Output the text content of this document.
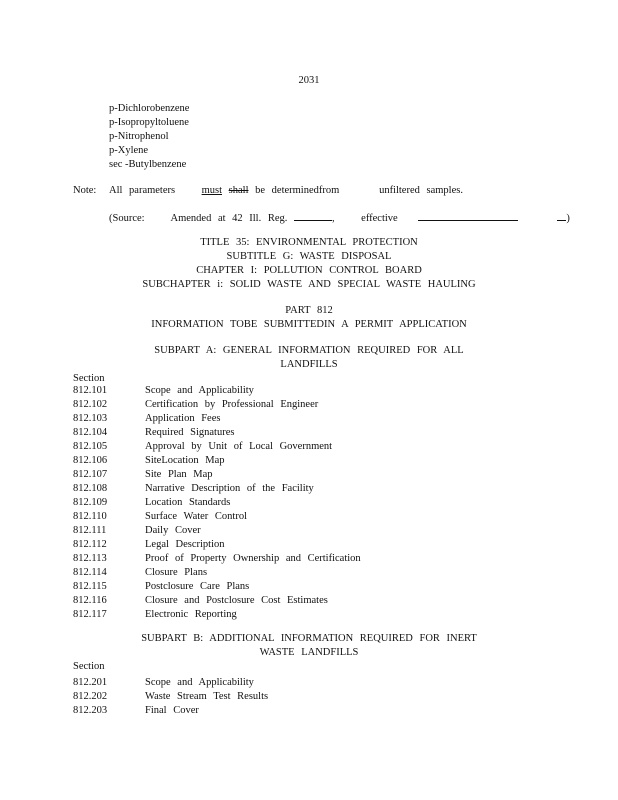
2031
p-Dichlorobenzene
p-Isopropyltoluene
p-Nitrophenol
p-Xylene
sec -Butylbenzene
Note: All parameters	must shall be determinedfrom	unfiltered samples.
(Source: Amended at 42 Ill. Reg.	,    effective	)
TITLE 35: ENVIRONMENTAL PROTECTION
SUBTITLE G: WASTE DISPOSAL
CHAPTER I: POLLUTION CONTROL BOARD
SUBCHAPTER i: SOLID WASTE AND SPECIAL WASTE HAULING
PART 812
INFORMATION TOBE SUBMITTEDIN A PERMIT APPLICATION
SUBPART A: GENERAL INFORMATION REQUIRED FOR ALL
LANDFILLS
Section
812.101	Scope and Applicability
812.102	Certification by Professional Engineer
812.103	Application Fees
812.104	Required Signatures
812.105	Approval by Unit of Local Government
812.106	SiteLocation Map
812.107	Site Plan Map
812.108	Narrative Description of the Facility
812.109	Location Standards
812.110	Surface Water Control
812.111	Daily Cover
812.112	Legal Description
812.113	Proof of Property Ownership and Certification
812.114	Closure Plans
812.115	Postclosure Care Plans
812.116	Closure and Postclosure Cost Estimates
812.117	Electronic Reporting
SUBPART B: ADDITIONAL INFORMATION REQUIRED FOR INERT
WASTE LANDFILLS
Section
812.201	Scope and Applicability
812.202	Waste Stream Test Results
812.203	Final Cover
